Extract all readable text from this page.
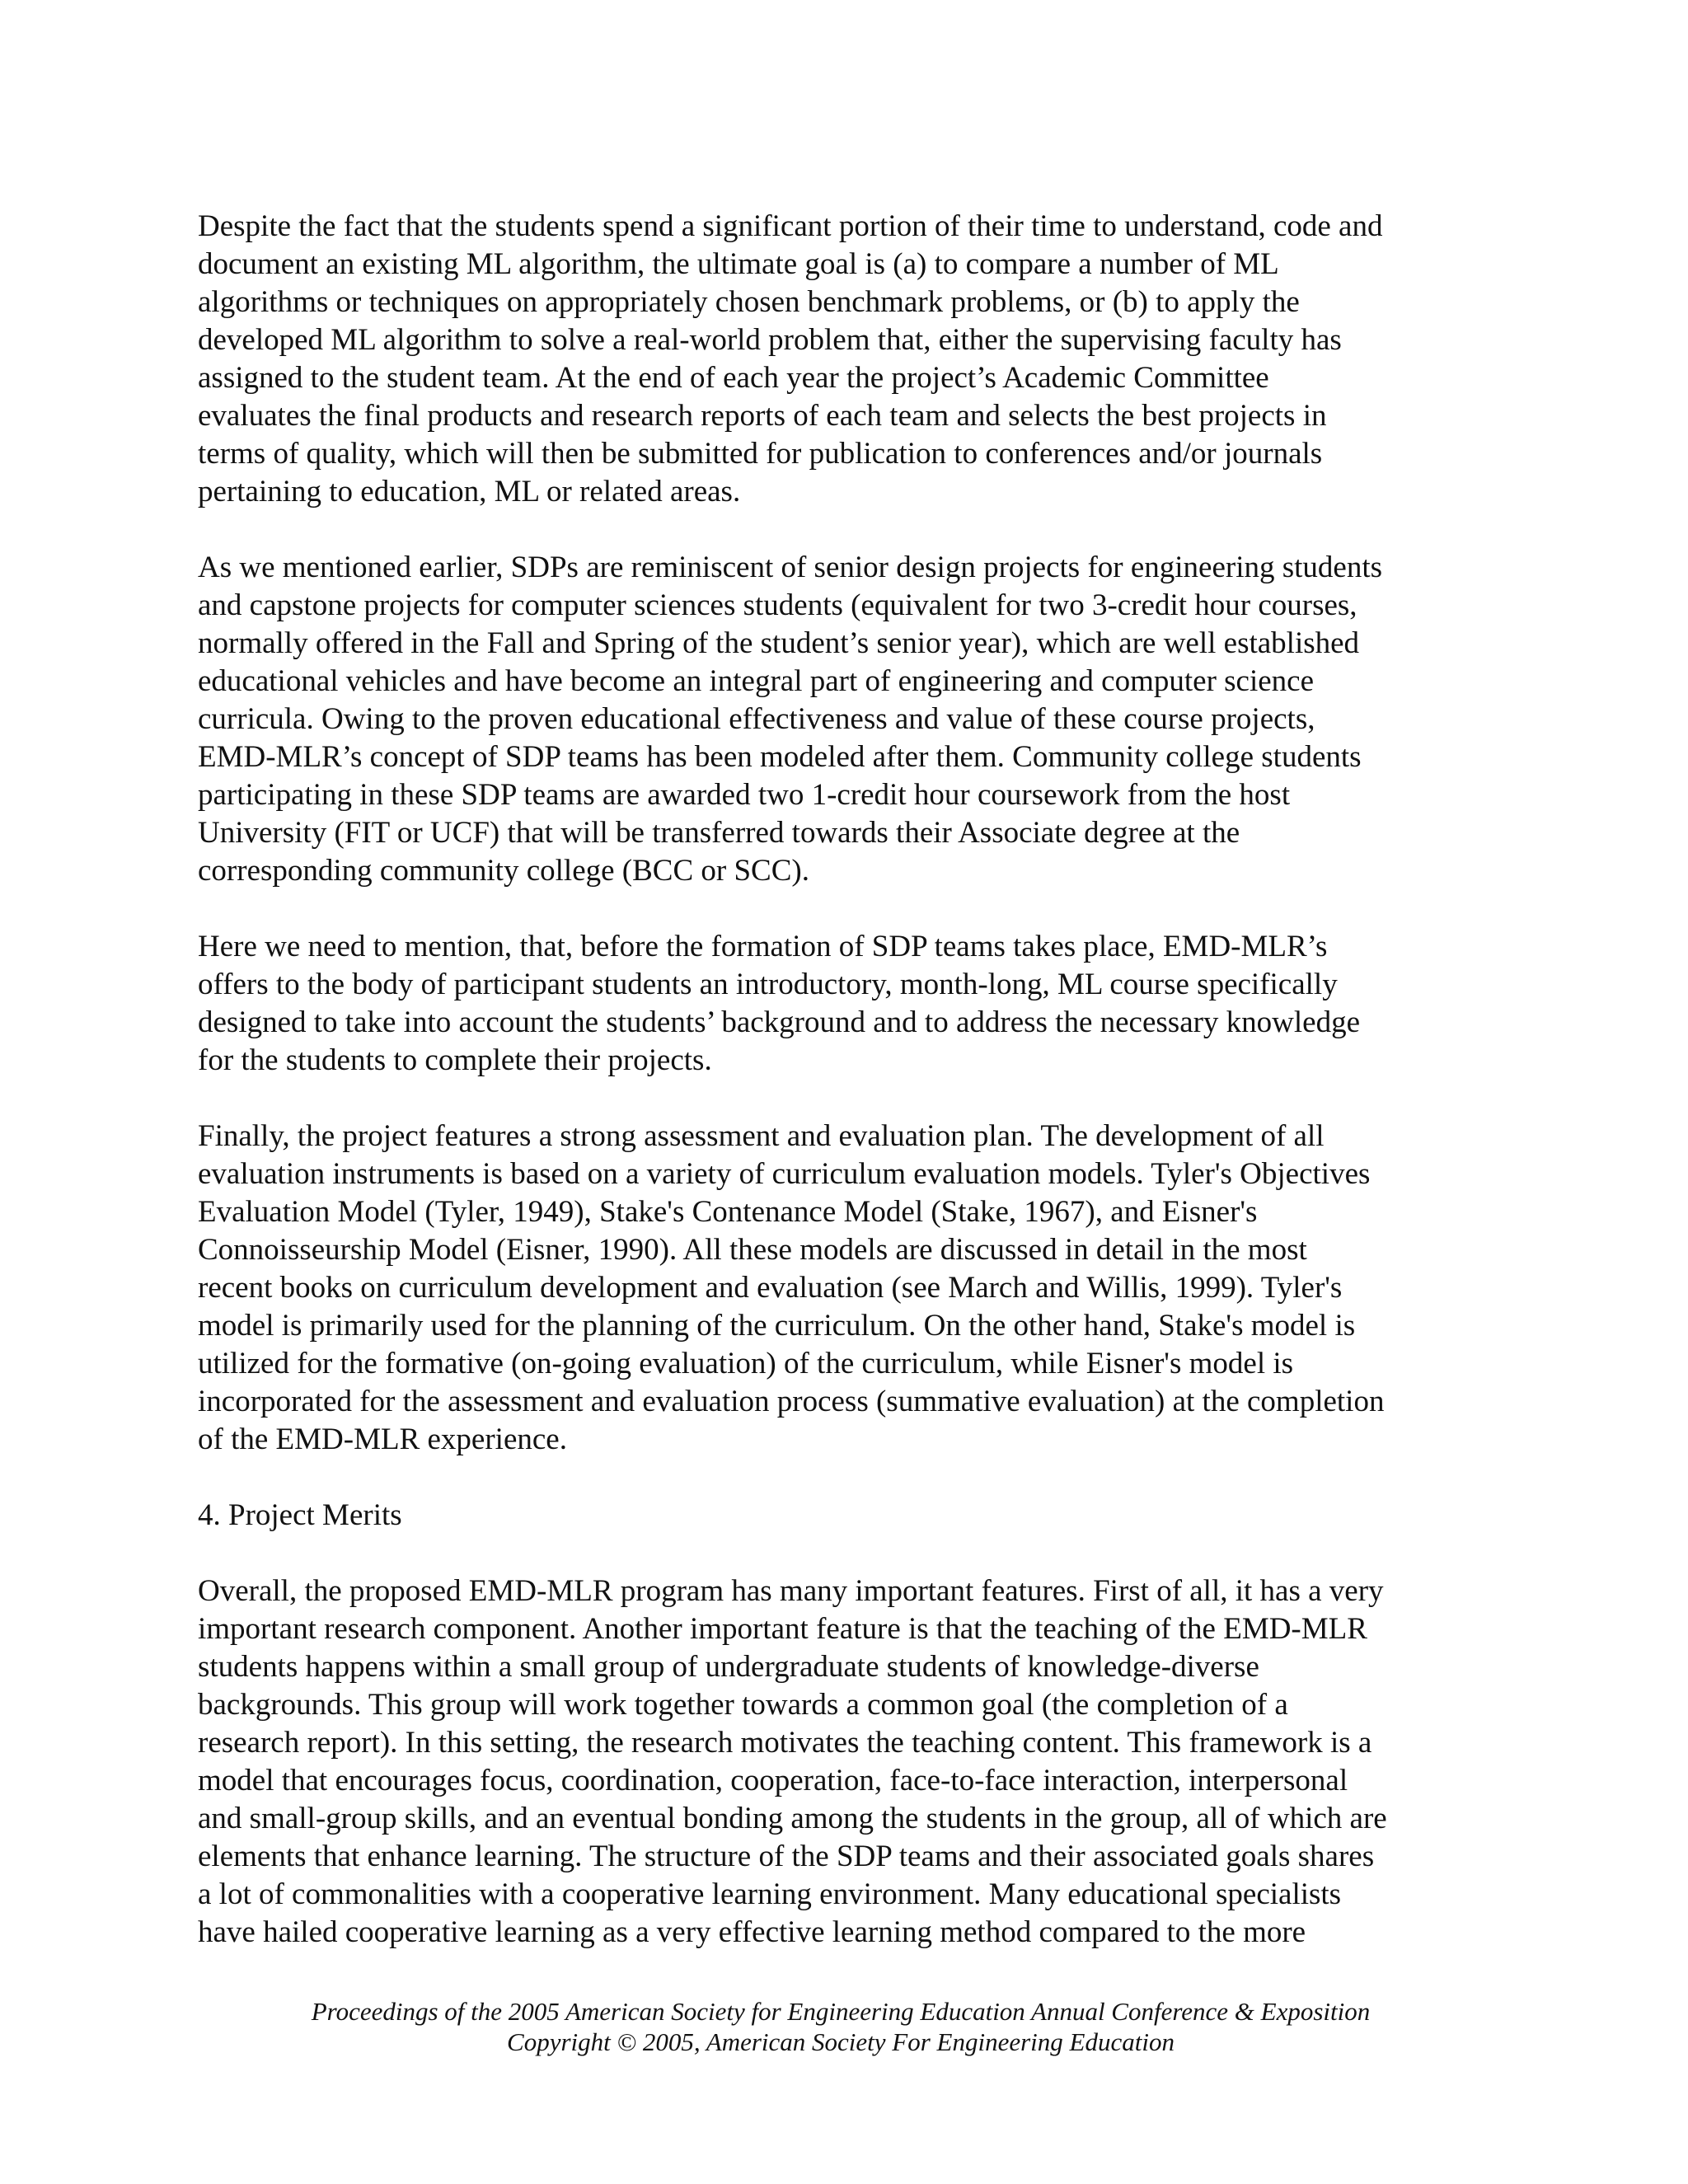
Despite the fact that the students spend a significant portion of their time to understand, code and
document an existing ML algorithm, the ultimate goal is (a) to compare a number of ML
algorithms or techniques on appropriately chosen benchmark problems, or (b) to apply the
developed ML algorithm to solve a real-world problem that, either the supervising faculty has
assigned to the student team. At the end of each year the project’s Academic Committee
evaluates the final products and research reports of each team and selects the best projects in
terms of quality, which will then be submitted for publication to conferences and/or journals
pertaining to education, ML or related areas.

As we mentioned earlier, SDPs are reminiscent of senior design projects for engineering students
and capstone projects for computer sciences students (equivalent for two 3-credit hour courses,
normally offered in the Fall and Spring of the student’s senior year), which are well established
educational vehicles and have become an integral part of engineering and computer science
curricula. Owing to the proven educational effectiveness and value of these course projects,
EMD-MLR’s concept of SDP teams has been modeled after them. Community college students
participating in these SDP teams are awarded two 1-credit hour coursework from the host
University (FIT or UCF) that will be transferred towards their Associate degree at the
corresponding community college (BCC or SCC).

Here we need to mention, that, before the formation of SDP teams takes place, EMD-MLR’s
offers to the body of participant students an introductory, month-long, ML course specifically
designed to take into account the students’ background and to address the necessary knowledge
for the students to complete their projects.

Finally, the project features a strong assessment and evaluation plan. The development of all
evaluation instruments is based on a variety of curriculum evaluation models. Tyler's Objectives
Evaluation Model (Tyler, 1949), Stake's Contenance Model (Stake, 1967), and Eisner's
Connoisseurship Model (Eisner, 1990). All these models are discussed in detail in the most
recent books on curriculum development and evaluation (see March and Willis, 1999). Tyler's
model is primarily used for the planning of the curriculum. On the other hand, Stake's model is
utilized for the formative (on-going evaluation) of the curriculum, while Eisner's model is
incorporated for the assessment and evaluation process (summative evaluation) at the completion
of the EMD-MLR experience.

4. Project Merits

Overall, the proposed EMD-MLR program has many important features. First of all, it has a very
important research component. Another important feature is that the teaching of the EMD-MLR
students happens within a small group of undergraduate students of knowledge-diverse
backgrounds. This group will work together towards a common goal (the completion of a
research report). In this setting, the research motivates the teaching content. This framework is a
model that encourages focus, coordination, cooperation, face-to-face interaction, interpersonal
and small-group skills, and an eventual bonding among the students in the group, all of which are
elements that enhance learning. The structure of the SDP teams and their associated goals shares
a lot of commonalities with a cooperative learning environment. Many educational specialists
have hailed cooperative learning as a very effective learning method compared to the more

Proceedings of the 2005 American Society for Engineering Education Annual Conference & Exposition
Copyright © 2005, American Society For Engineering Education
